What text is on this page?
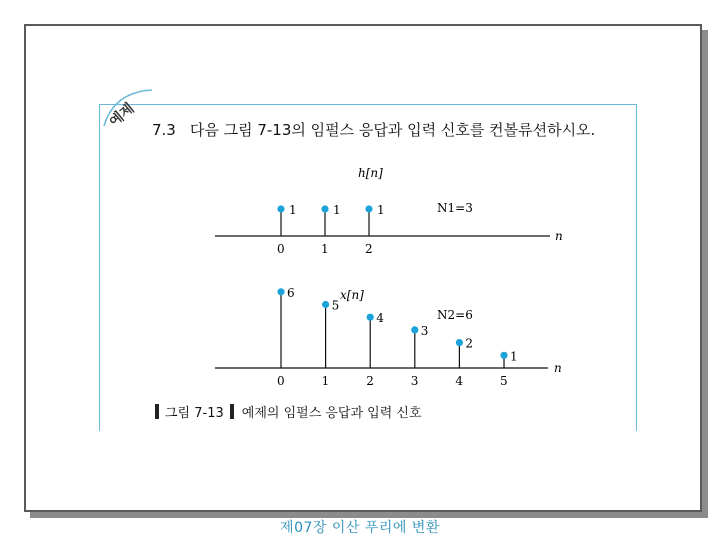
예제 7.3 다음 그림 7-13의 임펄스 응답과 입력 신호를 컨볼류션하시오.
n
h[n]
N1=3
0	1	2
1	1	1
n
x[n]
N2=6
0	1	2	3	4	5
6
5
4
3
2
1
그림 7-13 예제의 임펄스 응답과 입력 신호
제07장 이산 푸리에 변환
